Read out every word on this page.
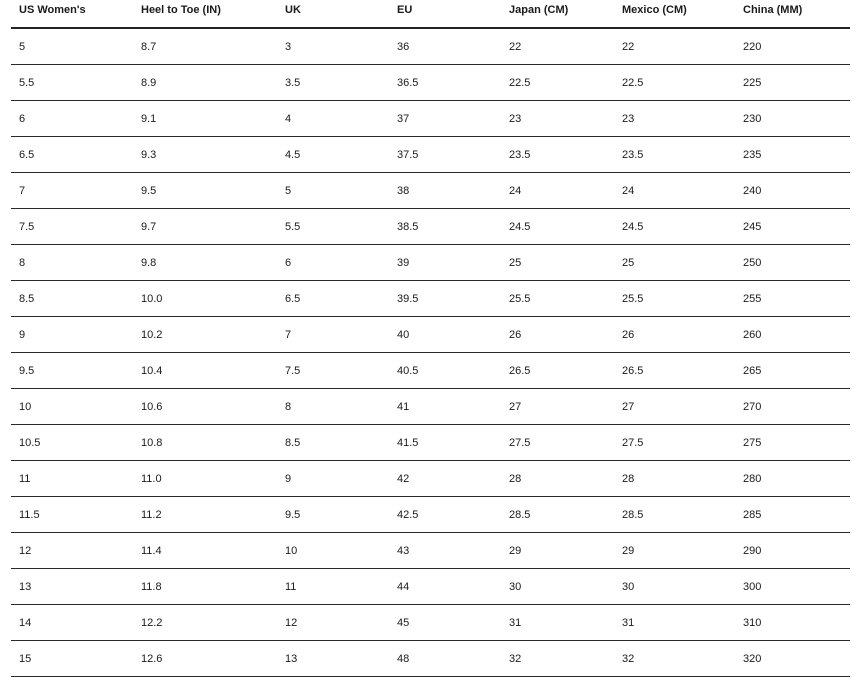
US Women's	Heel to Toe (IN)	UK	EU	Japan (CM)	Mexico (CM)	China (MM)
5	8.7	3	36	22	22	220
5.5	8.9	3.5	36.5	22.5	22.5	225
6	9.1	4	37	23	23	230
6.5	9.3	4.5	37.5	23.5	23.5	235
7	9.5	5	38	24	24	240
7.5	9.7	5.5	38.5	24.5	24.5	245
8	9.8	6	39	25	25	250
8.5	10.0	6.5	39.5	25.5	25.5	255
9	10.2	7	40	26	26	260
9.5	10.4	7.5	40.5	26.5	26.5	265
10	10.6	8	41	27	27	270
10.5	10.8	8.5	41.5	27.5	27.5	275
11	11.0	9	42	28	28	280
11.5	11.2	9.5	42.5	28.5	28.5	285
12	11.4	10	43	29	29	290
13	11.8	11	44	30	30	300
14	12.2	12	45	31	31	310
15	12.6	13	48	32	32	320
